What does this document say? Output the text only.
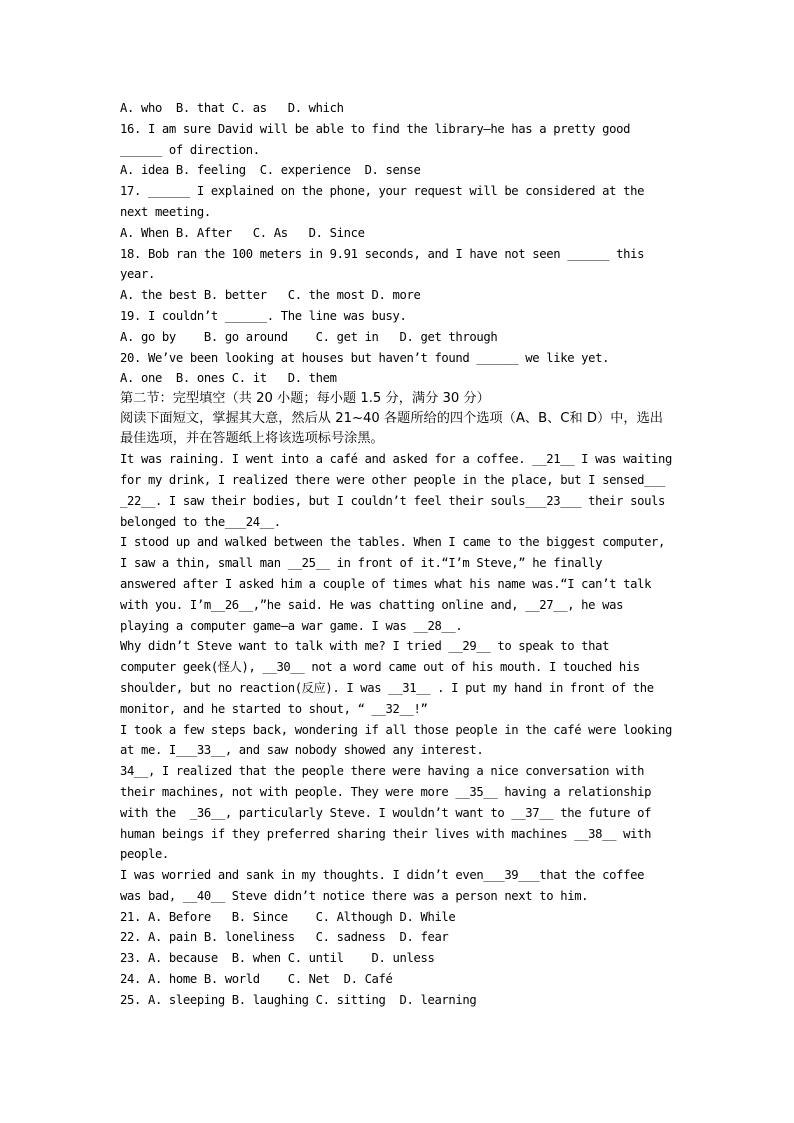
A. who  B. that C. as   D. which
16. I am sure David will be able to find the library—he has a pretty good
______ of direction.
A. idea B. feeling  C. experience  D. sense
17. ______ I explained on the phone, your request will be considered at the
next meeting.
A. When B. After   C. As   D. Since
18. Bob ran the 100 meters in 9.91 seconds, and I have not seen ______ this
year.
A. the best B. better   C. the most D. more
19. I couldn’t ______. The line was busy.
A. go by    B. go around    C. get in   D. get through
20. We’ve been looking at houses but haven’t found ______ we like yet.
A. one  B. ones C. it   D. them
第二节：完型填空（共 20 小题；每小题 1.5 分，满分 30 分）
阅读下面短文，掌握其大意，然后从 21~40 各题所给的四个选项（A、B、C和 D）中，选出
最佳选项，并在答题纸上将该选项标号涂黑。
It was raining. I went into a café and asked for a coffee. __21__ I was waiting
for my drink, I realized there were other people in the place, but I sensed___
_22__. I saw their bodies, but I couldn’t feel their souls___23___ their souls
belonged to the___24__.
I stood up and walked between the tables. When I came to the biggest computer,
I saw a thin, small man __25__ in front of it.“I’m Steve,” he finally
answered after I asked him a couple of times what his name was.“I can’t talk
with you. I’m__26__,”he said. He was chatting online and, __27__, he was
playing a computer game—a war game. I was __28__.
Why didn’t Steve want to talk with me? I tried __29__ to speak to that
computer geek(怪人), __30__ not a word came out of his mouth. I touched his
shoulder, but no reaction(反应). I was __31__ . I put my hand in front of the
monitor, and he started to shout, “ __32__!”
I took a few steps back, wondering if all those people in the café were looking
at me. I___33__, and saw nobody showed any interest.
34__, I realized that the people there were having a nice conversation with
their machines, not with people. They were more __35__ having a relationship
with the  _36__, particularly Steve. I wouldn’t want to __37__ the future of
human beings if they preferred sharing their lives with machines __38__ with
people.
I was worried and sank in my thoughts. I didn’t even___39___that the coffee
was bad, __40__ Steve didn’t notice there was a person next to him.
21. A. Before   B. Since    C. Although D. While
22. A. pain B. loneliness   C. sadness  D. fear
23. A. because  B. when C. until    D. unless
24. A. home B. world    C. Net  D. Café
25. A. sleeping B. laughing C. sitting  D. learning
